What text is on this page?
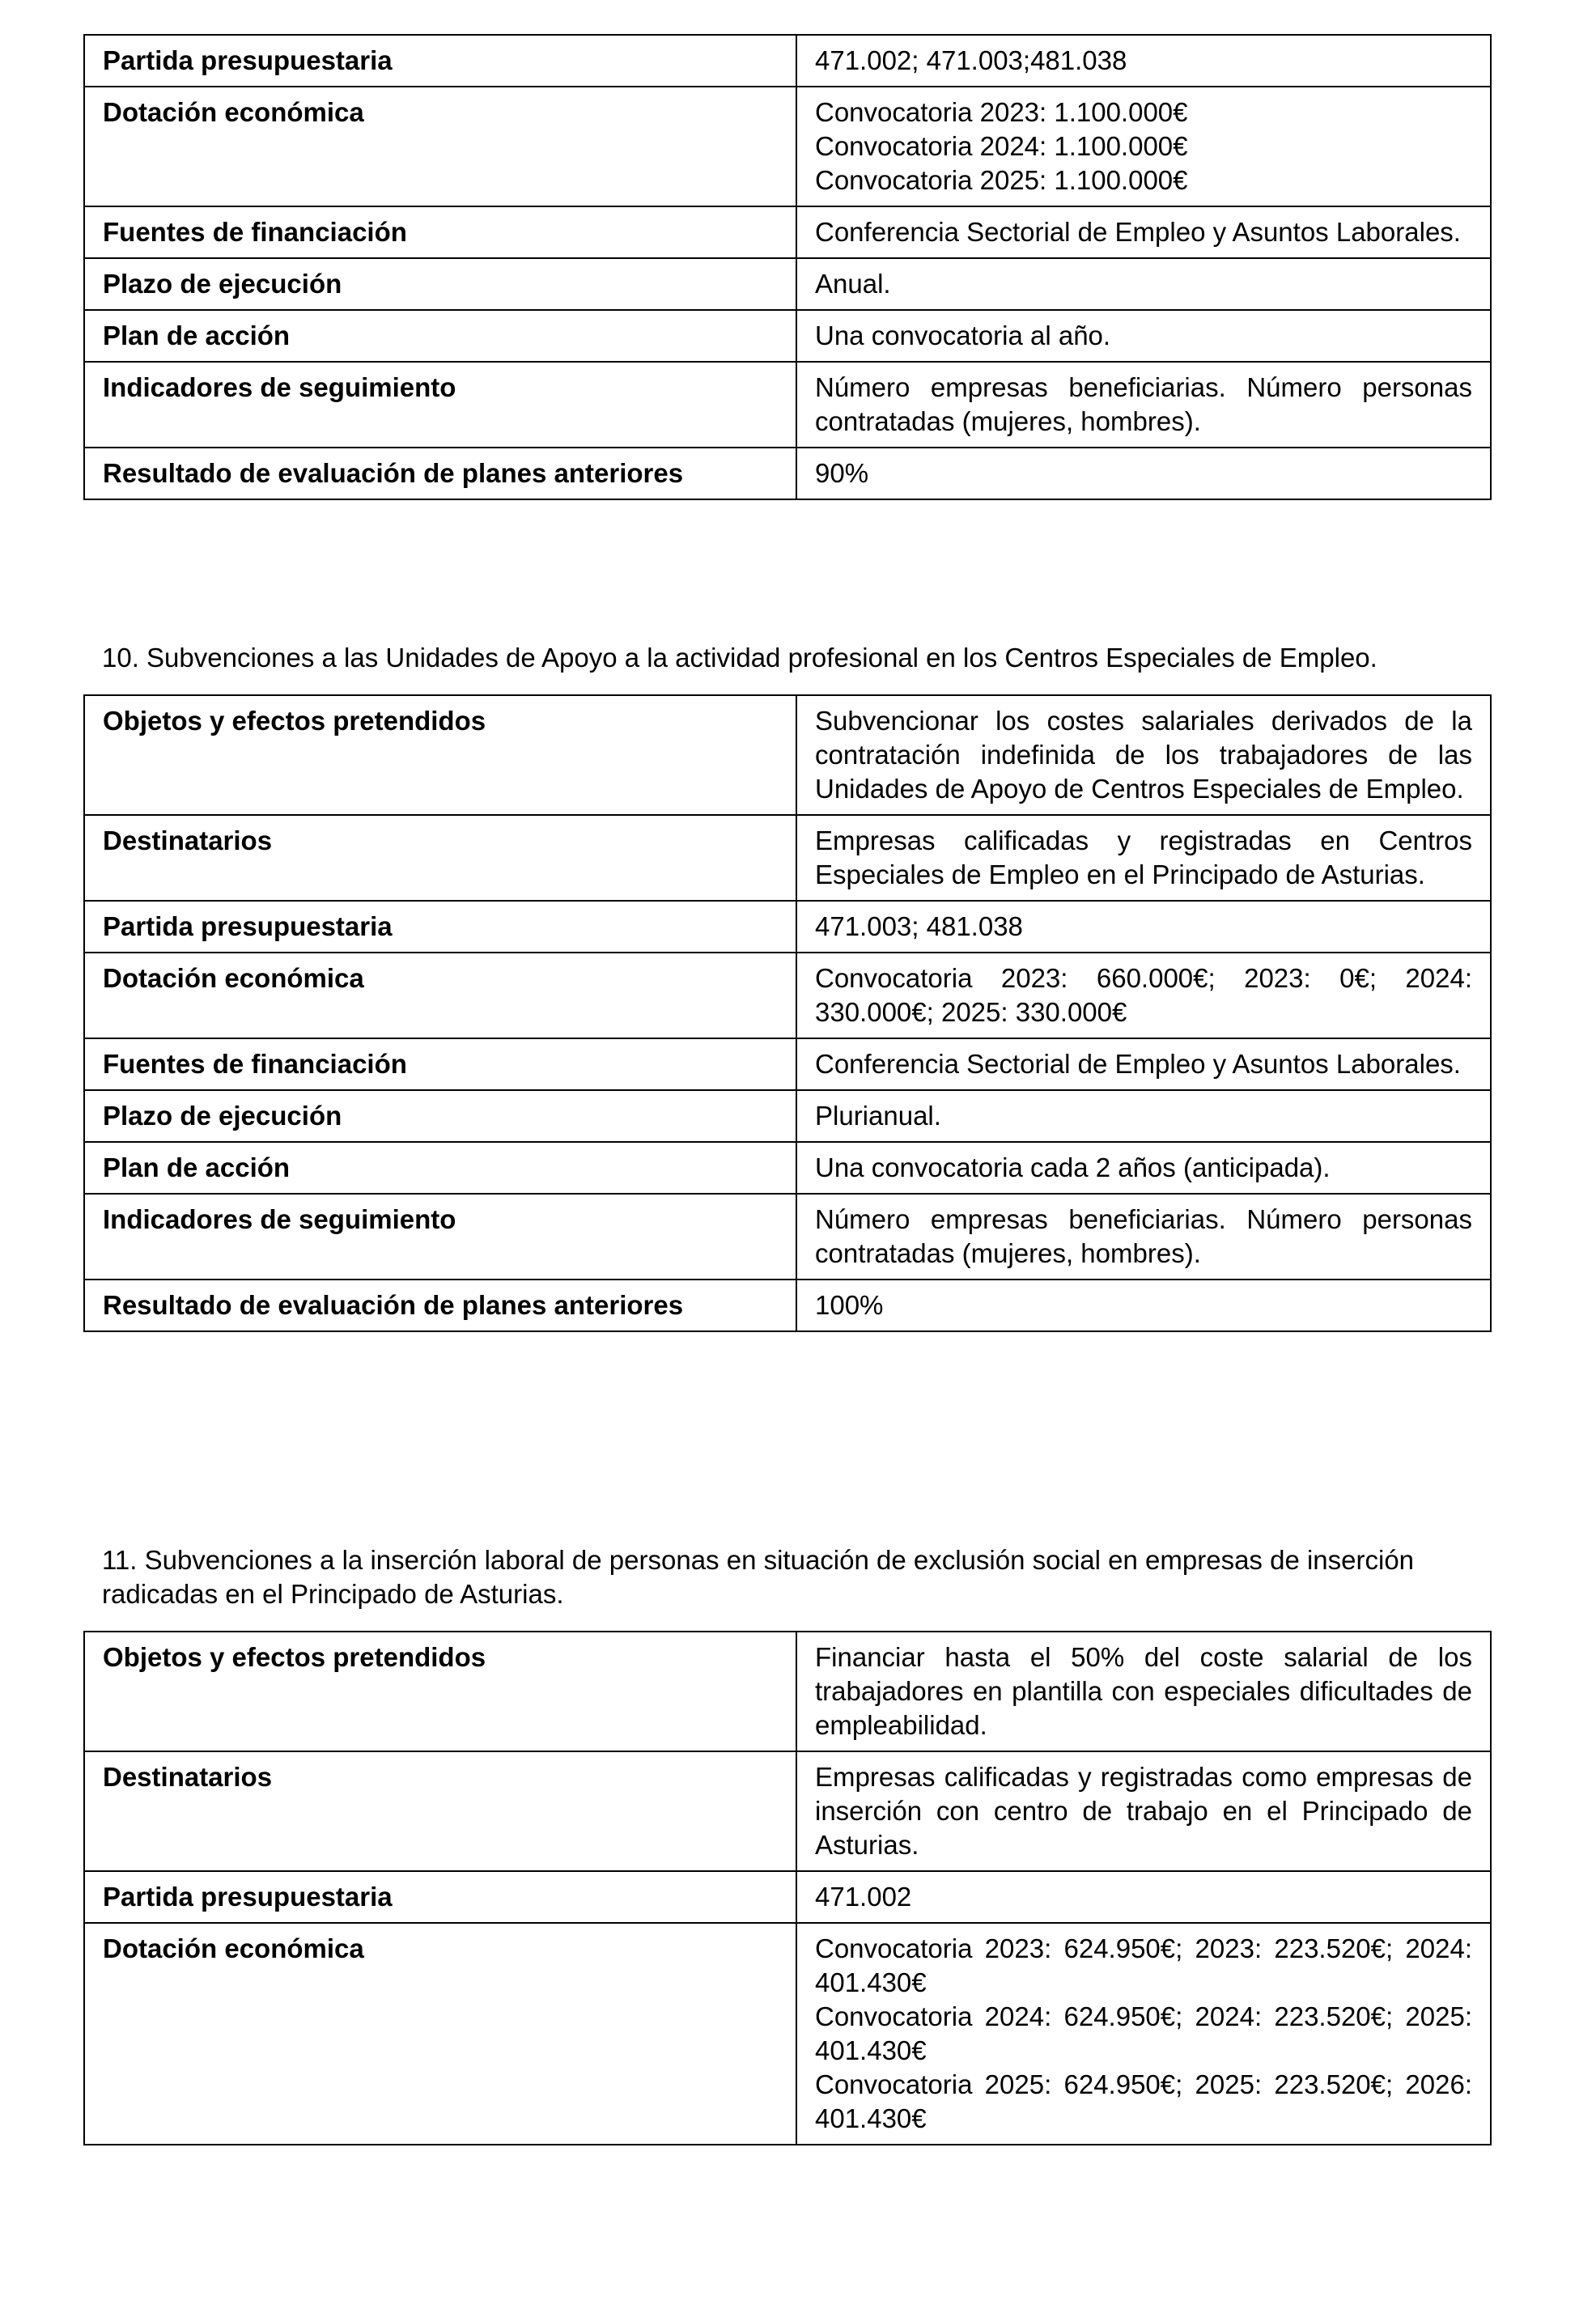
Partida presupuestaria	471.002; 471.003;481.038

Dotación económica	Convocatoria 2023: 1.100.000€
Convocatoria 2024: 1.100.000€
Convocatoria 2025: 1.100.000€

Fuentes de financiación	Conferencia Sectorial de Empleo y Asuntos Laborales.

Plazo de ejecución	Anual.

Plan de acción	Una convocatoria al año.

Indicadores de seguimiento	Número empresas beneficiarias. Número personas contratadas (mujeres, hombres).

Resultado de evaluación de planes anteriores	90%
10. Subvenciones a las Unidades de Apoyo a la actividad profesional en los Centros Especiales de Empleo.
Objetos y efectos pretendidos	Subvencionar los costes salariales derivados de la contratación indefinida de los trabajadores de las Unidades de Apoyo de Centros Especiales de Empleo.

Destinatarios	Empresas calificadas y registradas en Centros Especiales de Empleo en el Principado de Asturias.

Partida presupuestaria	471.003; 481.038

Dotación económica	Convocatoria 2023: 660.000€; 2023: 0€; 2024: 330.000€; 2025: 330.000€

Fuentes de financiación	Conferencia Sectorial de Empleo y Asuntos Laborales.

Plazo de ejecución	Plurianual.

Plan de acción	Una convocatoria cada 2 años (anticipada).

Indicadores de seguimiento	Número empresas beneficiarias. Número personas contratadas (mujeres, hombres).

Resultado de evaluación de planes anteriores	100%
11. Subvenciones a la inserción laboral de personas en situación de exclusión social en empresas de inserción radicadas en el Principado de Asturias.
Objetos y efectos pretendidos	Financiar hasta el 50% del coste salarial de los trabajadores en plantilla con especiales dificultades de empleabilidad.

Destinatarios	Empresas calificadas y registradas como empresas de inserción con centro de trabajo en el Principado de Asturias.

Partida presupuestaria	471.002

Dotación económica	Convocatoria 2023: 624.950€; 2023: 223.520€; 2024: 401.430€
Convocatoria 2024: 624.950€; 2024: 223.520€; 2025: 401.430€
Convocatoria 2025: 624.950€; 2025: 223.520€; 2026: 401.430€
